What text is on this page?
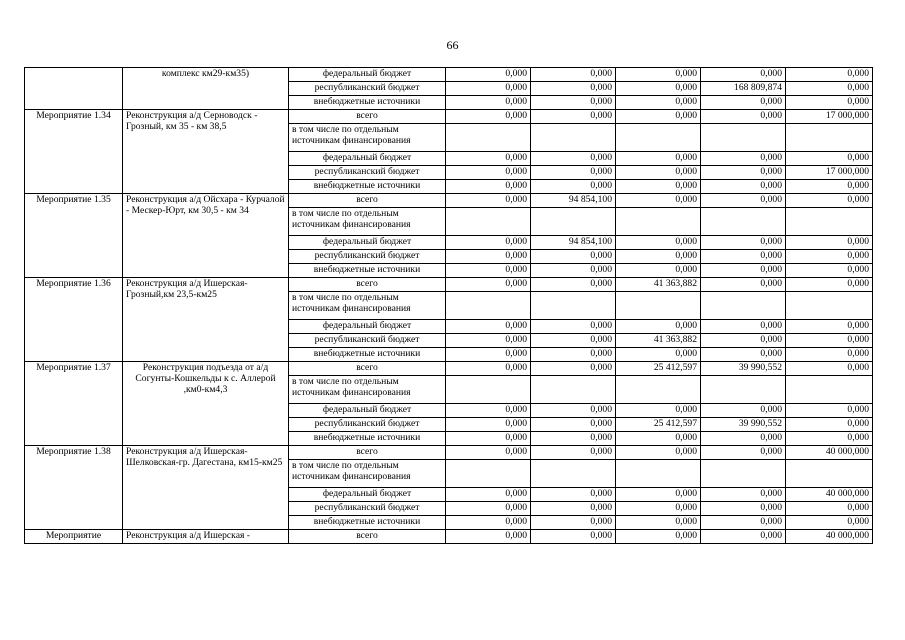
66
	комплекс км29-км35)	федеральный бюджет	0,000	0,000	0,000	0,000	0,000
		республиканский бюджет	0,000	0,000	0,000	168 809,874	0,000
		внебюджетные источники	0,000	0,000	0,000	0,000	0,000
Мероприятие 1.34	Реконструкция а/д Серноводск - Грозный, км 35 - км 38,5	всего	0,000	0,000	0,000	0,000	17 000,000
		в том числе по отдельным источникам финансирования					
		федеральный бюджет	0,000	0,000	0,000	0,000	0,000
		республиканский бюджет	0,000	0,000	0,000	0,000	17 000,000
		внебюджетные источники	0,000	0,000	0,000	0,000	0,000
Мероприятие 1.35	Реконструкция а/д Ойсхара - Курчалой - Мескер-Юрт, км 30,5 - км 34	всего	0,000	94 854,100	0,000	0,000	0,000
		в том числе по отдельным источникам финансирования					
		федеральный бюджет	0,000	94 854,100	0,000	0,000	0,000
		республиканский бюджет	0,000	0,000	0,000	0,000	0,000
		внебюджетные источники	0,000	0,000	0,000	0,000	0,000
Мероприятие 1.36	Реконструкция а/д Ишерская-Грозный,км 23,5-км25	всего	0,000	0,000	41 363,882	0,000	0,000
		в том числе по отдельным источникам финансирования					
		федеральный бюджет	0,000	0,000	0,000	0,000	0,000
		республиканский бюджет	0,000	0,000	41 363,882	0,000	0,000
		внебюджетные источники	0,000	0,000	0,000	0,000	0,000
Мероприятие 1.37	Реконструкция подъезда от а/д Согунты-Кошкельды к с. Аллерой ,км0-км4,3	всего	0,000	0,000	25 412,597	39 990,552	0,000
		в том числе по отдельным источникам финансирования					
		федеральный бюджет	0,000	0,000	0,000	0,000	0,000
		республиканский бюджет	0,000	0,000	25 412,597	39 990,552	0,000
		внебюджетные источники	0,000	0,000	0,000	0,000	0,000
Мероприятие 1.38	Реконструкция а/д Ишерская-Шелковская-гр. Дагестана, км15-км25	всего	0,000	0,000	0,000	0,000	40 000,000
		в том числе по отдельным источникам финансирования					
		федеральный бюджет	0,000	0,000	0,000	0,000	40 000,000
		республиканский бюджет	0,000	0,000	0,000	0,000	0,000
		внебюджетные источники	0,000	0,000	0,000	0,000	0,000
Мероприятие	Реконструкция а/д Ишерская -	всего	0,000	0,000	0,000	0,000	40 000,000
